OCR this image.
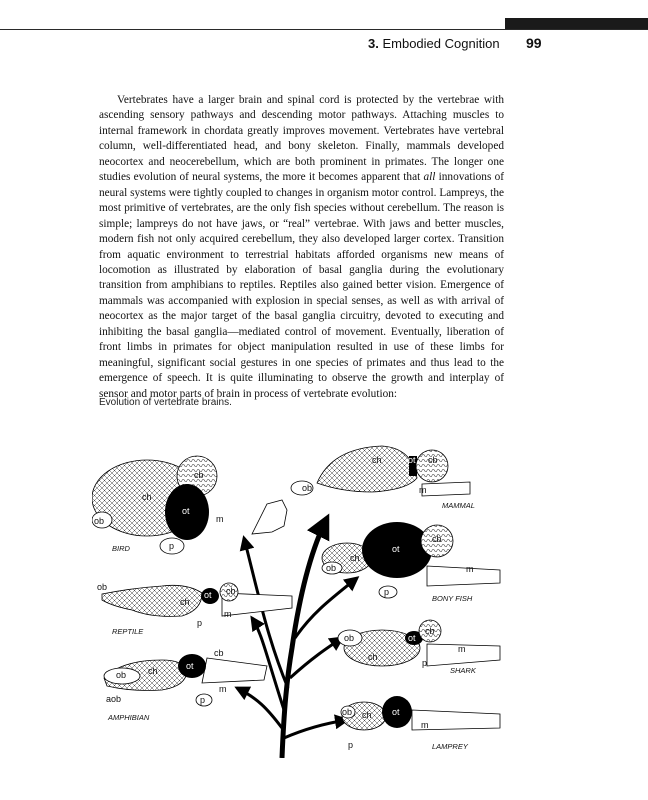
3. Embodied Cognition 99

Vertebrates have a larger brain and spinal cord is protected by the vertebrae with ascending sensory pathways and descending motor pathways. Attaching muscles to internal framework in chordata greatly improves movement. Vertebrates have vertebral column, well-differentiated head, and bony skeleton. Finally, mammals developed neocortex and neocerebellum, which are both prominent in primates. The longer one studies evolution of neural systems, the more it becomes apparent that all innovations of neural systems were tightly coupled to changes in organism motor control. Lampreys, the most primitive of vertebrates, are the only fish species without cerebellum. The reason is simple; lampreys do not have jaws, or “real” vertebrae. With jaws and better muscles, modern fish not only acquired cerebellum, they also developed larger cortex. Transition from aquatic environment to terrestrial habitats afforded organisms new means of locomotion as illustrated by elaboration of basal ganglia during the evolutionary transition from amphibians to reptiles. Reptiles also gained better vision. Emergence of mammals was accompanied with explosion in special senses, as well as with arrival of neocortex as the major target of the basal ganglia circuitry, devoted to executing and inhibiting the basal ganglia—mediated control of movement. Eventually, liberation of front limbs in primates for object manipulation resulted in use of these limbs for meaningful, significant social gestures in one species of primates and thus lead to the emergence of speech. It is quite illuminating to observe the growth and interplay of sensor and motor parts of brain in process of vertebrate evolution:

Evolution of vertebrate brains.
ob
ch
ot
cb
m
p
BIRD
ob
ch
ot cb
m
p
REPTILE
ob ch	ot
cb
m
p
aob
AMPHIBIAN
ob
ch	ot cb
m
MAMMAL
ob
ch
ot
cb
m
p
BONY FISH
ob
ch
ot
cb
m
p
SHARK
ob ch ot
m
p	LAMPREY
